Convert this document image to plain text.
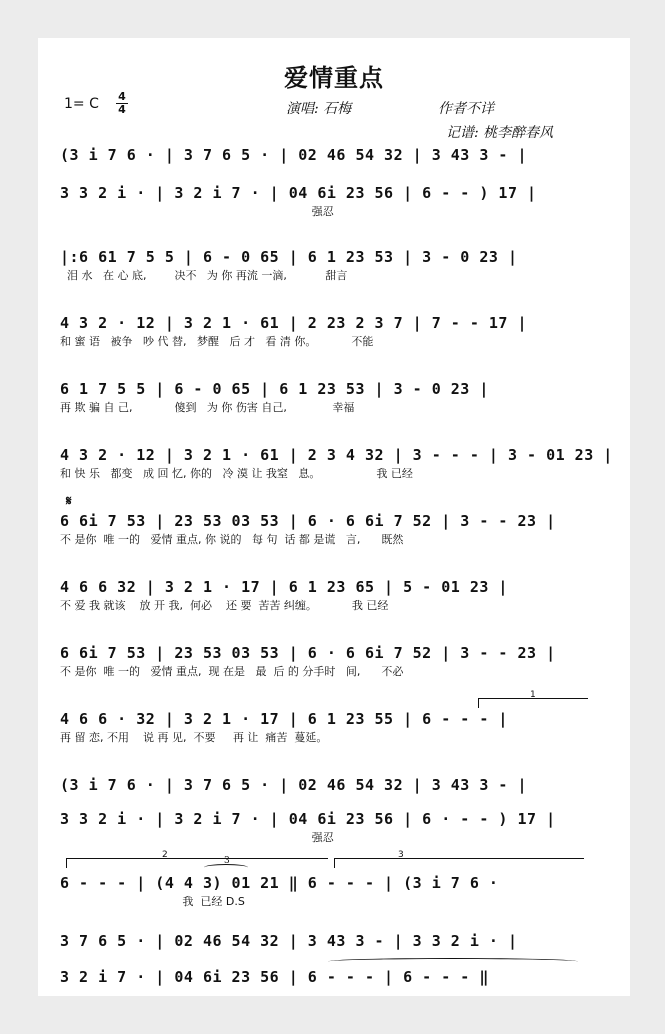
爱情重点
1= C 4
4	演唱: 石梅	作者不详
记谱: 桃李醉春风
(3 i 7 6 · | 3 7 6 5 · | 02 46 54 32 | 3 43 3 - |
3 3 2 i · | 3 2 i 7 · | 04 6i 23 56 | 6 - - ) 17 |
强忍
|:6 61 7 5 5 | 6 - 0 65 | 6 1 23 53 | 3 - 0 23 |
泪 水   在 心 底,        决不   为 你 再流 一滴,           甜言
4 3 2 · 12 | 3 2 1 · 61 | 2 23 2 3 7 | 7 - - 17 |
和 蜜 语   被争   吵 代 替,   梦醒   后 才   看 清 你。          不能
6 1 7 5 5 | 6 - 0 65 | 6 1 23 53 | 3 - 0 23 |
再 欺 骗 自 己,            傻到   为 你 伤害 自己,             幸福
4 3 2 · 12 | 3 2 1 · 61 | 2 3 4 32 | 3 - - - | 3 - 01 23 |
和 快 乐   都变   成 回 忆, 你的   冷 漠 让 我窒   息。                我 已经
𝄋
6 6i 7 53 | 23 53 03 53 | 6 · 6 6i 7 52 | 3 - - 23 |
不 是你  唯 一的   爱情 重点, 你 说的   每 句  话 都 是谎   言,      既然
4 6 6 32 | 3 2 1 · 17 | 6 1 23 65 | 5 - 01 23 |
不 爱 我 就该    放 开 我,  何必    还 要  苦苦 纠缠。          我 已经
6 6i 7 53 | 23 53 03 53 | 6 · 6 6i 7 52 | 3 - - 23 |
不 是你  唯 一的   爱情 重点,  现 在是   最  后 的 分手时   间,      不必
1
4 6 6 · 32 | 3 2 1 · 17 | 6 1 23 55 | 6 - - - |
再 留 恋, 不用    说 再 见,  不要     再 让  痛苦  蔓延。
(3 i 7 6 · | 3 7 6 5 · | 02 46 54 32 | 3 43 3 - |
3 3 2 i · | 3 2 i 7 · | 04 6i 23 56 | 6 · - - ) 17 |
强忍
2	3
3
6 - - - | (4 4 3) 01 21 ‖ 6 - - - | (3 i 7 6 ·
我  已经 D.S
3 7 6 5 · | 02 46 54 32 | 3 43 3 - | 3 3 2 i · |
3 2 i 7 · | 04 6i 23 56 | 6 - - - | 6 - - - ‖
